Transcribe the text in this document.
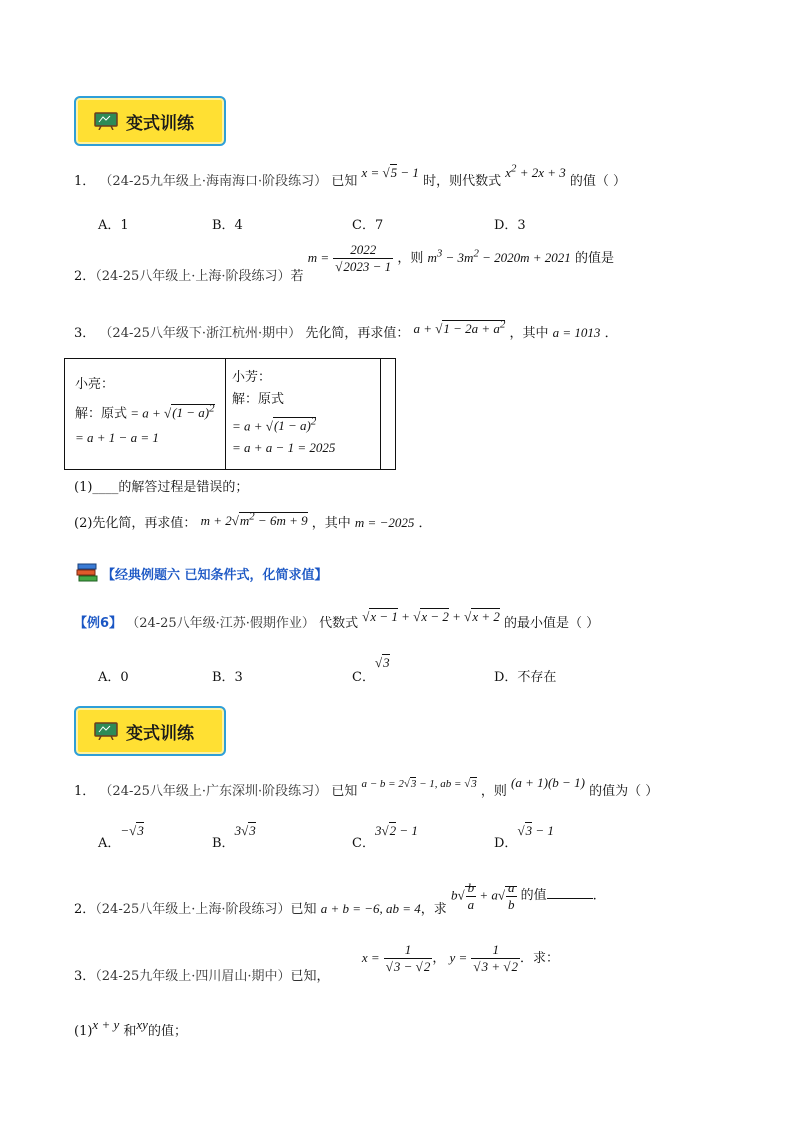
变式训练
1． （24-25九年级上·海南海口·阶段练习） 已知 x = √5 − 1 时，则代数式 $x^2 + 2x + 3$ 的值（ ）
A．1	B．4	C．7	D．3
2．（24-25八年级上·上海·阶段练习）若 $m = \frac{2022}{√2023 - 1}$ ，则 $m^3 - 3m^2 - 2020m + 2021$ 的值是
3． （24-25八年级下·浙江杭州·期中） 先化简，再求值： $a + √1 - 2a + a^2$ ，其中 a = 1013 ．
小亮：
解：原式 = $a + √(1 - a)^2$
= a + 1 − a = 1

小芳：
解：原式
= $a + √(1 - a)^2$
= a + a − 1 = 2025

(1)____的解答过程是错误的；
(2)先化简，再求值： $m + 2√m^2 - 6m + 9$ ，其中 m = −2025 ．
【经典例题六 已知条件式，化简求值】
【例6】 （24-25八年级·江苏·假期作业） 代数式 √x − 1 + √x − 2 + √x + 2 的最小值是（ ）
A．0	B．3	C．√3
D．不存在
变式训练
1． （24-25八年级上·广东深圳·阶段练习） 已知 $^{a - b = 2√3 - 1, ab = √3}$ ，则 (a + 1)(b − 1) 的值为（ ）
A．−√3
B．3√3
C．3√2 − 1
D．√3 − 1
2．（24-25八年级上·上海·阶段练习）已知 a + b = −6, ab = 4，求 $b√ \frac{b}{a} + a√ \frac{a}{b}$ 的值	.
3．（24-25九年级上·四川眉山·期中）已知，  $x = \frac{1}{√3 - √2}$ ， $y = \frac{1}{√3 + √2}$ ．求：
(1)x + y 和xy的值；
